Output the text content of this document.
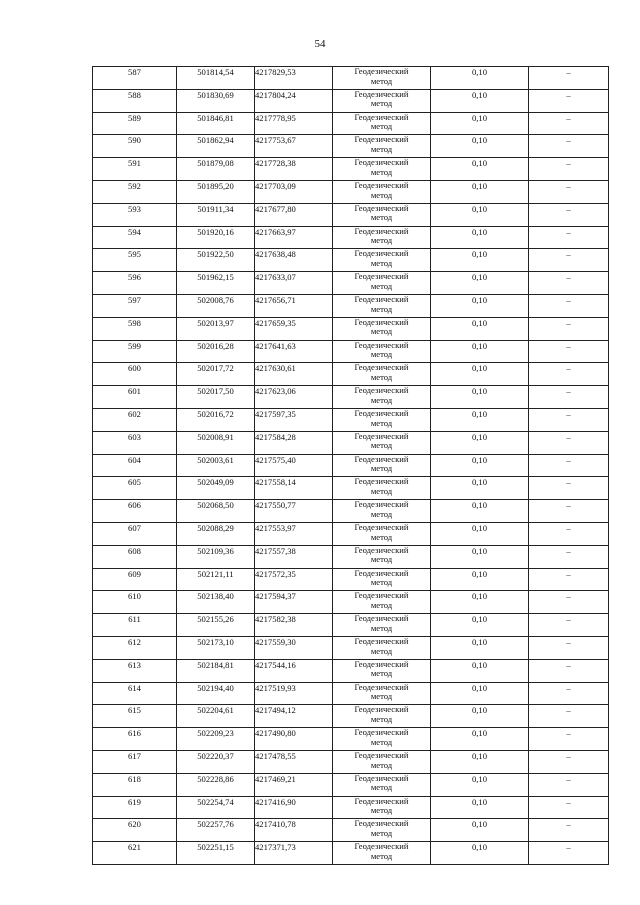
54
587	501814,54	4217829,53	Геодезический
метод	0,10	–
588	501830,69	4217804,24	Геодезический
метод	0,10	–
589	501846,81	4217778,95	Геодезический
метод	0,10	–
590	501862,94	4217753,67	Геодезический
метод	0,10	–
591	501879,08	4217728,38	Геодезический
метод	0,10	–
592	501895,20	4217703,09	Геодезический
метод	0,10	–
593	501911,34	4217677,80	Геодезический
метод	0,10	–
594	501920,16	4217663,97	Геодезический
метод	0,10	–
595	501922,50	4217638,48	Геодезический
метод	0,10	–
596	501962,15	4217633,07	Геодезический
метод	0,10	–
597	502008,76	4217656,71	Геодезический
метод	0,10	–
598	502013,97	4217659,35	Геодезический
метод	0,10	–
599	502016,28	4217641,63	Геодезический
метод	0,10	–
600	502017,72	4217630,61	Геодезический
метод	0,10	–
601	502017,50	4217623,06	Геодезический
метод	0,10	–
602	502016,72	4217597,35	Геодезический
метод	0,10	–
603	502008,91	4217584,28	Геодезический
метод	0,10	–
604	502003,61	4217575,40	Геодезический
метод	0,10	–
605	502049,09	4217558,14	Геодезический
метод	0,10	–
606	502068,50	4217550,77	Геодезический
метод	0,10	–
607	502088,29	4217553,97	Геодезический
метод	0,10	–
608	502109,36	4217557,38	Геодезический
метод	0,10	–
609	502121,11	4217572,35	Геодезический
метод	0,10	–
610	502138,40	4217594,37	Геодезический
метод	0,10	–
611	502155,26	4217582,38	Геодезический
метод	0,10	–
612	502173,10	4217559,30	Геодезический
метод	0,10	–
613	502184,81	4217544,16	Геодезический
метод	0,10	–
614	502194,40	4217519,93	Геодезический
метод	0,10	–
615	502204,61	4217494,12	Геодезический
метод	0,10	–
616	502209,23	4217490,80	Геодезический
метод	0,10	–
617	502220,37	4217478,55	Геодезический
метод	0,10	–
618	502228,86	4217469,21	Геодезический
метод	0,10	–
619	502254,74	4217416,90	Геодезический
метод	0,10	–
620	502257,76	4217410,78	Геодезический
метод	0,10	–
621	502251,15	4217371,73	Геодезический
метод	0,10	–
